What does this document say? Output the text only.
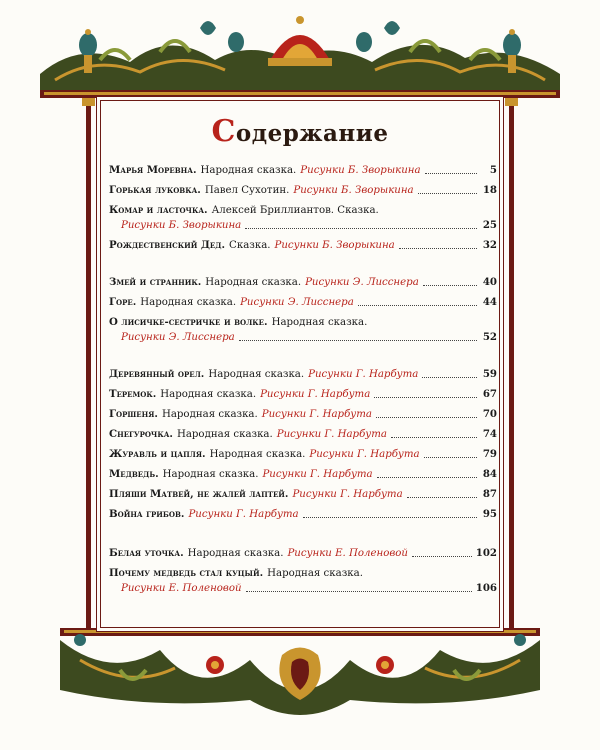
Содержание
Марья Моревна. Народная сказка. Рисунки Б. Зворыкина	5
Горькая луковка. Павел Сухотин. Рисунки Б. Зворыкина	18
Комар и ласточка. Алексей Бриллиантов. Сказка.
Рисунки Б. Зворыкина	25
Рождественский Дед. Сказка. Рисунки Б. Зворыкина	32
Змей и странник. Народная сказка. Рисунки Э. Лисснера	40
Горе. Народная сказка. Рисунки Э. Лисснера	44
О лисичке-сестричке и волке. Народная сказка.
Рисунки Э. Лисснера	52
Деревянный орел. Народная сказка. Рисунки Г. Нарбута	59
Теремок. Народная сказка. Рисунки Г. Нарбута	67
Горшеня. Народная сказка. Рисунки Г. Нарбута	70
Снегурочка. Народная сказка. Рисунки Г. Нарбута	74
Журавль и цапля. Народная сказка. Рисунки Г. Нарбута	79
Медведь. Народная сказка. Рисунки Г. Нарбута	84
Пляши Матвей, не жалей лаптей. Рисунки Г. Нарбута	87
Война грибов. Рисунки Г. Нарбута	95
Белая уточка. Народная сказка. Рисунки Е. Поленовой	102
Почему медведь стал куцый. Народная сказка.
Рисунки Е. Поленовой	106
